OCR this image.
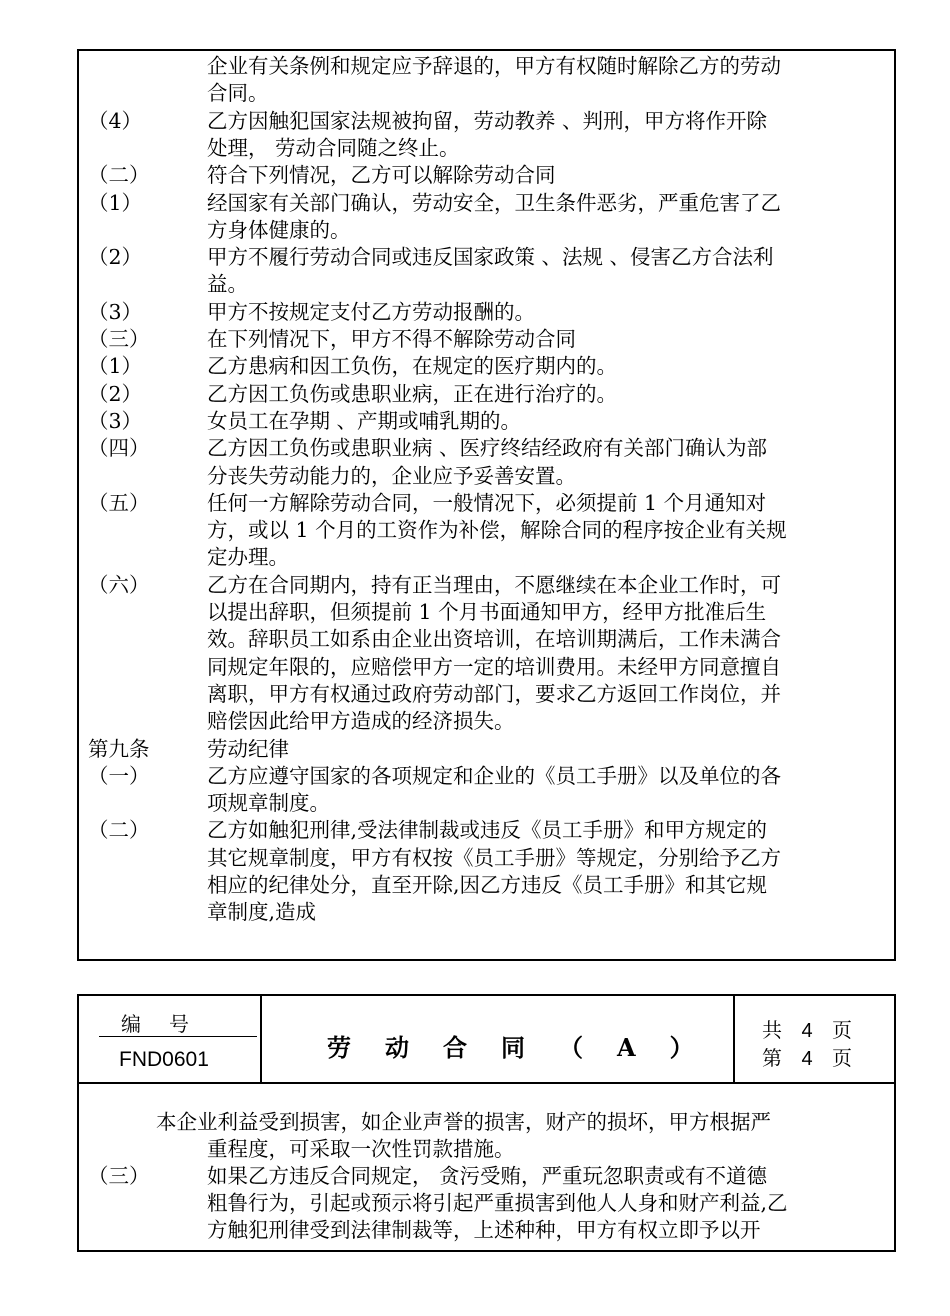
企业有关条例和规定应予辞退的，甲方有权随时解除乙方的劳动
合同。
（4）	乙方因触犯国家法规被拘留，劳动教养 、判刑，甲方将作开除
处理， 劳动合同随之终止。
（二）	符合下列情况，乙方可以解除劳动合同
（1）	经国家有关部门确认，劳动安全，卫生条件恶劣，严重危害了乙
方身体健康的。
（2）	甲方不履行劳动合同或违反国家政策 、法规 、侵害乙方合法利
益。
（3）	甲方不按规定支付乙方劳动报酬的。
（三）	在下列情况下，甲方不得不解除劳动合同
（1）	乙方患病和因工负伤，在规定的医疗期内的。
（2）	乙方因工负伤或患职业病，正在进行治疗的。
（3）	女员工在孕期 、产期或哺乳期的。
（四）	乙方因工负伤或患职业病 、医疗终结经政府有关部门确认为部
分丧失劳动能力的，企业应予妥善安置。
（五）	任何一方解除劳动合同，一般情况下，必须提前 1 个月通知对
方，或以 1 个月的工资作为补偿，解除合同的程序按企业有关规
定办理。
（六）	乙方在合同期内，持有正当理由，不愿继续在本企业工作时，可
以提出辞职，但须提前 1 个月书面通知甲方，经甲方批准后生
效。辞职员工如系由企业出资培训，在培训期满后，工作未满合
同规定年限的，应赔偿甲方一定的培训费用。未经甲方同意擅自
离职，甲方有权通过政府劳动部门，要求乙方返回工作岗位，并
赔偿因此给甲方造成的经济损失。
第九条	劳动纪律
（一）	乙方应遵守国家的各项规定和企业的《员工手册》以及单位的各
项规章制度。
（二）	乙方如触犯刑律,受法律制裁或违反《员工手册》和甲方规定的
其它规章制度，甲方有权按《员工手册》等规定，分别给予乙方
相应的纪律处分，直至开除,因乙方违反《员工手册》和其它规
章制度,造成
编号
FND0601	劳动合同（A）
共 4 页
第 4 页
本企业利益受到损害，如企业声誉的损害，财产的损坏，甲方根据严
重程度，可采取一次性罚款措施。
（三）	如果乙方违反合同规定， 贪污受贿，严重玩忽职责或有不道德
粗鲁行为，引起或预示将引起严重损害到他人人身和财产利益,乙
方触犯刑律受到法律制裁等，上述种种，甲方有权立即予以开
